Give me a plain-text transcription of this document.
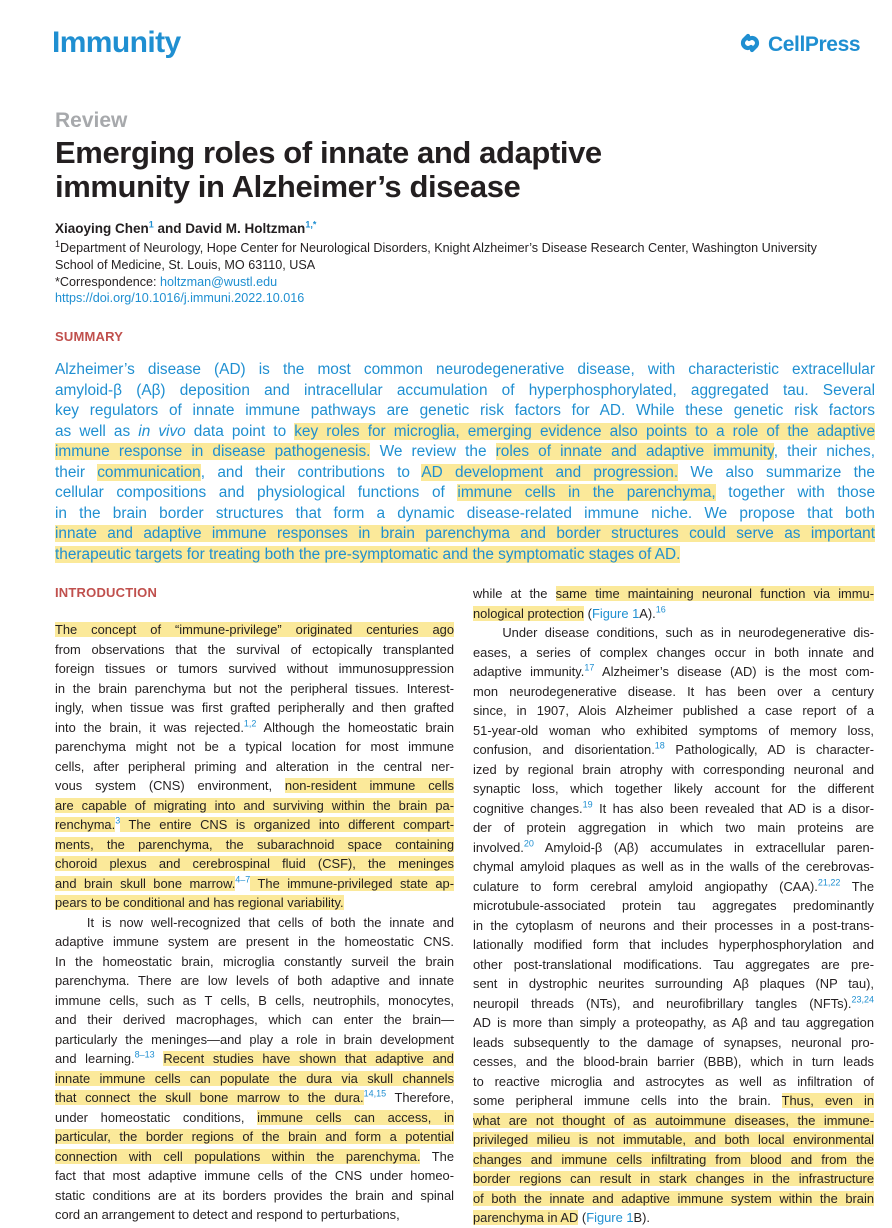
Immunity	CellPress
Review
Emerging roles of innate and adaptive
immunity in Alzheimer’s disease
Xiaoying Chen$^1$ and David M. Holtzman$^{1,*}$
$^1$Department of Neurology, Hope Center for Neurological Disorders, Knight Alzheimer’s Disease Research Center, Washington University
School of Medicine, St. Louis, MO 63110, USA
*Correspondence: holtzman@wustl.edu
https://doi.org/10.1016/j.immuni.2022.10.016
SUMMARY
Alzheimer’s disease (AD) is the most common neurodegenerative disease, with characteristic extracellular
amyloid-β (Aβ) deposition and intracellular accumulation of hyperphosphorylated, aggregated tau. Several
key regulators of innate immune pathways are genetic risk factors for AD. While these genetic risk factors
as well as in vivo data point to key roles for microglia, emerging evidence also points to a role of the adaptive
immune response in disease pathogenesis. We review the roles of innate and adaptive immunity, their niches,
their communication, and their contributions to AD development and progression. We also summarize the
cellular compositions and physiological functions of immune cells in the parenchyma, together with those
in the brain border structures that form a dynamic disease-related immune niche. We propose that both
innate and adaptive immune responses in brain parenchyma and border structures could serve as important
therapeutic targets for treating both the pre-symptomatic and the symptomatic stages of AD.
INTRODUCTION
The concept of “immune-privilege” originated centuries ago
from observations that the survival of ectopically transplanted
foreign tissues or tumors survived without immunosuppression
in the brain parenchyma but not the peripheral tissues. Interest-
ingly, when tissue was first grafted peripherally and then grafted
into the brain, it was rejected.$^{1,2}$ Although the homeostatic brain
parenchyma might not be a typical location for most immune
cells, after peripheral priming and alteration in the central ner-
vous system (CNS) environment, non-resident immune cells
are capable of migrating into and surviving within the brain pa-
renchyma.$^3$ The entire CNS is organized into different compart-
ments, the parenchyma, the subarachnoid space containing
choroid plexus and cerebrospinal fluid (CSF), the meninges
and brain skull bone marrow.$^{4-7}$ The immune-privileged state ap-
pears to be conditional and has regional variability.
It is now well-recognized that cells of both the innate and
adaptive immune system are present in the homeostatic CNS.
In the homeostatic brain, microglia constantly surveil the brain
parenchyma. There are low levels of both adaptive and innate
immune cells, such as T cells, B cells, neutrophils, monocytes,
and their derived macrophages, which can enter the brain—
particularly the meninges—and play a role in brain development
and learning.$^{8-13}$ Recent studies have shown that adaptive and
innate immune cells can populate the dura via skull channels
that connect the skull bone marrow to the dura.$^{14,15}$ Therefore,
under homeostatic conditions, immune cells can access, in
particular, the border regions of the brain and form a potential
connection with cell populations within the parenchyma. The
fact that most adaptive immune cells of the CNS under homeo-
static conditions are at its borders provides the brain and spinal
cord an arrangement to detect and respond to perturbations,
while at the same time maintaining neuronal function via immu-
nological protection (Figure 1A).$^{16}$
Under disease conditions, such as in neurodegenerative dis-
eases, a series of complex changes occur in both innate and
adaptive immunity.$^{17}$ Alzheimer’s disease (AD) is the most com-
mon neurodegenerative disease. It has been over a century
since, in 1907, Alois Alzheimer published a case report of a
51-year-old woman who exhibited symptoms of memory loss,
confusion, and disorientation.$^{18}$ Pathologically, AD is character-
ized by regional brain atrophy with corresponding neuronal and
synaptic loss, which together likely account for the different
cognitive changes.$^{19}$ It has also been revealed that AD is a disor-
der of protein aggregation in which two main proteins are
involved.$^{20}$ Amyloid-β (Aβ) accumulates in extracellular paren-
chymal amyloid plaques as well as in the walls of the cerebrovas-
culature to form cerebral amyloid angiopathy (CAA).$^{21,22}$ The
microtubule-associated protein tau aggregates predominantly
in the cytoplasm of neurons and their processes in a post-trans-
lationally modified form that includes hyperphosphorylation and
other post-translational modifications. Tau aggregates are pre-
sent in dystrophic neurites surrounding Aβ plaques (NP tau),
neuropil threads (NTs), and neurofibrillary tangles (NFTs).$^{23,24}$
AD is more than simply a proteopathy, as Aβ and tau aggregation
leads subsequently to the damage of synapses, neuronal pro-
cesses, and the blood-brain barrier (BBB), which in turn leads
to reactive microglia and astrocytes as well as infiltration of
some peripheral immune cells into the brain. Thus, even in
what are not thought of as autoimmune diseases, the immune-
privileged milieu is not immutable, and both local environmental
changes and immune cells infiltrating from blood and from the
border regions can result in stark changes in the infrastructure
of both the innate and adaptive immune system within the brain
parenchyma in AD (Figure 1B).
